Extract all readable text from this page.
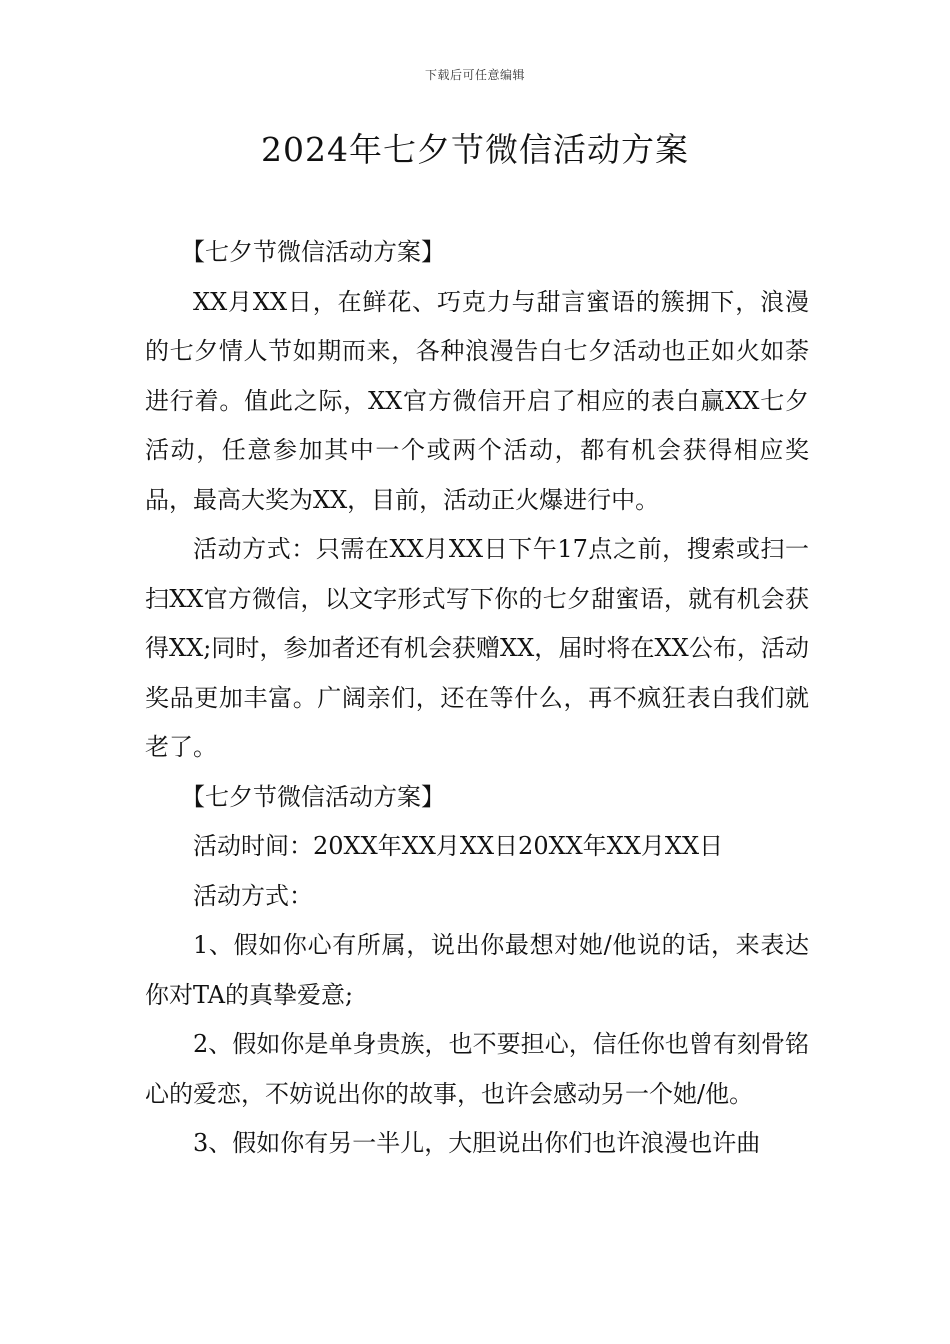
下载后可任意编辑
2024年七夕节微信活动方案

【七夕节微信活动方案】

XX月XX日，在鲜花、巧克力与甜言蜜语的簇拥下，浪漫的七夕情人节如期而来，各种浪漫告白七夕活动也正如火如荼进行着。值此之际，XX官方微信开启了相应的表白赢XX七夕活动，任意参加其中一个或两个活动，都有机会获得相应奖品，最高大奖为XX，目前，活动正火爆进行中。

活动方式：只需在XX月XX日下午17点之前，搜索或扫一扫XX官方微信，以文字形式写下你的七夕甜蜜语，就有机会获得XX;同时，参加者还有机会获赠XX，届时将在XX公布，活动奖品更加丰富。广阔亲们，还在等什么，再不疯狂表白我们就老了。

【七夕节微信活动方案】

活动时间：20XX年XX月XX日20XX年XX月XX日

活动方式：

1、假如你心有所属，说出你最想对她/他说的话，来表达你对TA的真挚爱意;

2、假如你是单身贵族，也不要担心，信任你也曾有刻骨铭心的爱恋，不妨说出你的故事，也许会感动另一个她/他。

3、假如你有另一半儿，大胆说出你们也许浪漫也许曲
